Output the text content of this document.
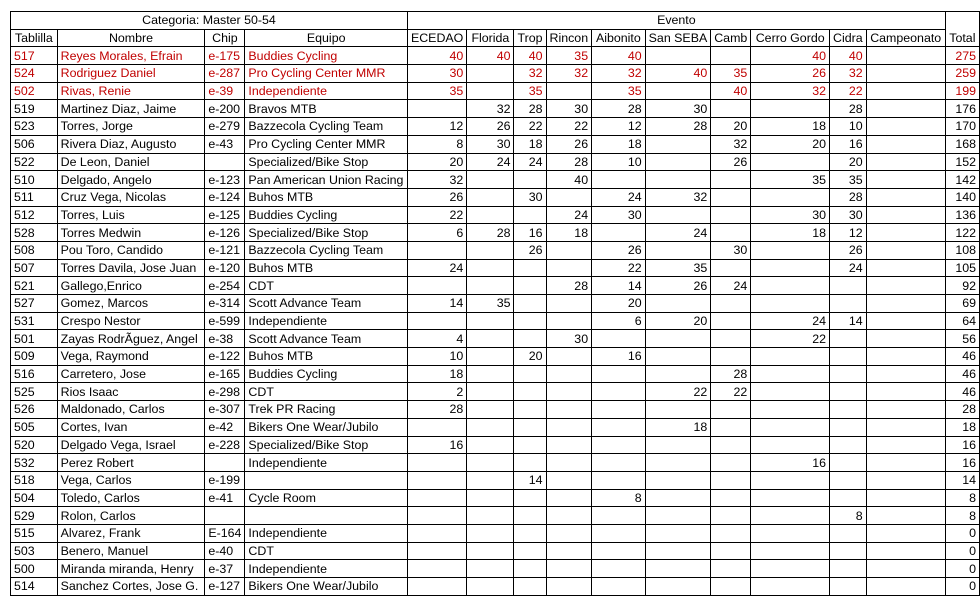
Categoria: Master 50-54				Evento										
Tablilla	Nombre	Chip	Equipo	ECEDAO	Florida	Trop	Rincon	Aibonito	San SEBA	Camb	Cerro Gordo	Cidra	Campeonato	Total
517	Reyes Morales, Efrain	e-175	Buddies Cycling	40	40	40	35	40			40	40		275
524	Rodriguez Daniel	e-287	Pro Cycling Center MMR	30		32	32	32	40	35	26	32		259
502	Rivas, Renie	e-39	Independiente	35		35		35		40	32	22		199
519	Martinez Diaz, Jaime	e-200	Bravos MTB		32	28	30	28	30			28		176
523	Torres, Jorge	e-279	Bazzecola Cycling Team	12	26	22	22	12	28	20	18	10		170
506	Rivera Diaz, Augusto	e-43	Pro Cycling Center MMR	8	30	18	26	18		32	20	16		168
522	De Leon, Daniel		Specialized/Bike Stop	20	24	24	28	10		26		20		152
510	Delgado, Angelo	e-123	Pan American Union Racing	32			40				35	35		142
511	Cruz Vega, Nicolas	e-124	Buhos MTB	26		30		24	32			28		140
512	Torres, Luis	e-125	Buddies Cycling	22			24	30			30	30		136
528	Torres Medwin	e-126	Specialized/Bike Stop	6	28	16	18		24		18	12		122
508	Pou Toro, Candido	e-121	Bazzecola Cycling Team			26		26		30		26		108
507	Torres Davila, Jose Juan	e-120	Buhos MTB	24				22	35			24		105
521	Gallego,Enrico	e-254	CDT				28	14	26	24				92
527	Gomez, Marcos	e-314	Scott Advance Team	14	35			20						69
531	Crespo Nestor	e-599	Independiente					6	20		24	14		64
501	Zayas RodrÃguez, Angel	e-38	Scott Advance Team	4			30				22			56
509	Vega, Raymond	e-122	Buhos MTB	10		20		16						46
516	Carretero, Jose	e-165	Buddies Cycling	18						28				46
525	Rios Isaac	e-298	CDT	2					22	22				46
526	Maldonado, Carlos	e-307	Trek PR Racing	28										28
505	Cortes, Ivan	e-42	Bikers One Wear/Jubilo						18					18
520	Delgado Vega, Israel	e-228	Specialized/Bike Stop	16										16
532	Perez Robert		Independiente								16			16
518	Vega, Carlos	e-199				14								14
504	Toledo, Carlos	e-41	Cycle Room					8						8
529	Rolon, Carlos											8		8
515	Alvarez, Frank	E-164	Independiente											0
503	Benero, Manuel	e-40	CDT											0
500	Miranda miranda, Henry	e-37	Independiente											0
514	Sanchez Cortes, Jose G.	e-127	Bikers One Wear/Jubilo											0
